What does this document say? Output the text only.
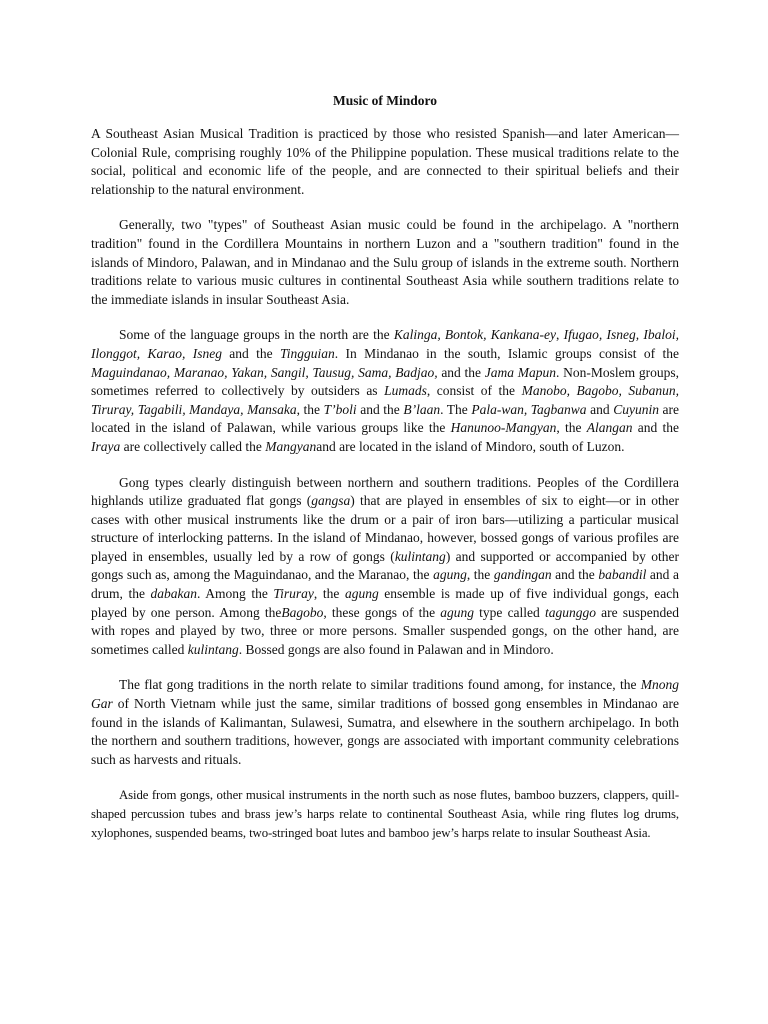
Music of Mindoro

A Southeast Asian Musical Tradition is practiced by those who resisted Spanish—and later American—Colonial Rule, comprising roughly 10% of the Philippine population. These musical traditions relate to the social, political and economic life of the people, and are connected to their spiritual beliefs and their relationship to the natural environment.

Generally, two "types" of Southeast Asian music could be found in the archipelago. A "northern tradition" found in the Cordillera Mountains in northern Luzon and a "southern tradition" found in the islands of Mindoro, Palawan, and in Mindanao and the Sulu group of islands in the extreme south. Northern traditions relate to various music cultures in continental Southeast Asia while southern traditions relate to the immediate islands in insular Southeast Asia.

Some of the language groups in the north are the Kalinga, Bontok, Kankana-ey, Ifugao, Isneg, Ibaloi, Ilonggot, Karao, Isneg and the Tingguian. In Mindanao in the south, Islamic groups consist of the Maguindanao, Maranao, Yakan, Sangil, Tausug, Sama, Badjao, and the Jama Mapun. Non-Moslem groups, sometimes referred to collectively by outsiders as Lumads, consist of the Manobo, Bagobo, Subanun, Tiruray, Tagabili, Mandaya, Mansaka, the T’boli and the B’laan. The Pala-wan, Tagbanwa and Cuyunin are located in the island of Palawan, while various groups like the Hanunoo-Mangyan, the Alangan and the Iraya are collectively called the Mangyanand are located in the island of Mindoro, south of Luzon.

Gong types clearly distinguish between northern and southern traditions. Peoples of the Cordillera highlands utilize graduated flat gongs (gangsa) that are played in ensembles of six to eight—or in other cases with other musical instruments like the drum or a pair of iron bars—utilizing a particular musical structure of interlocking patterns. In the island of Mindanao, however, bossed gongs of various profiles are played in ensembles, usually led by a row of gongs (kulintang) and supported or accompanied by other gongs such as, among the Maguindanao, and the Maranao, the agung, the gandingan and the babandil and a drum, the dabakan. Among the Tiruray, the agung ensemble is made up of five individual gongs, each played by one person. Among theBagobo, these gongs of the agung type called tagunggo are suspended with ropes and played by two, three or more persons. Smaller suspended gongs, on the other hand, are sometimes called kulintang. Bossed gongs are also found in Palawan and in Mindoro.

The flat gong traditions in the north relate to similar traditions found among, for instance, the Mnong Gar of North Vietnam while just the same, similar traditions of bossed gong ensembles in Mindanao are found in the islands of Kalimantan, Sulawesi, Sumatra, and elsewhere in the southern archipelago. In both the northern and southern traditions, however, gongs are associated with important community celebrations such as harvests and rituals.

Aside from gongs, other musical instruments in the north such as nose flutes, bamboo buzzers, clappers, quill-shaped percussion tubes and brass jew’s harps relate to continental Southeast Asia, while ring flutes log drums, xylophones, suspended beams, two-stringed boat lutes and bamboo jew’s harps relate to insular Southeast Asia.
